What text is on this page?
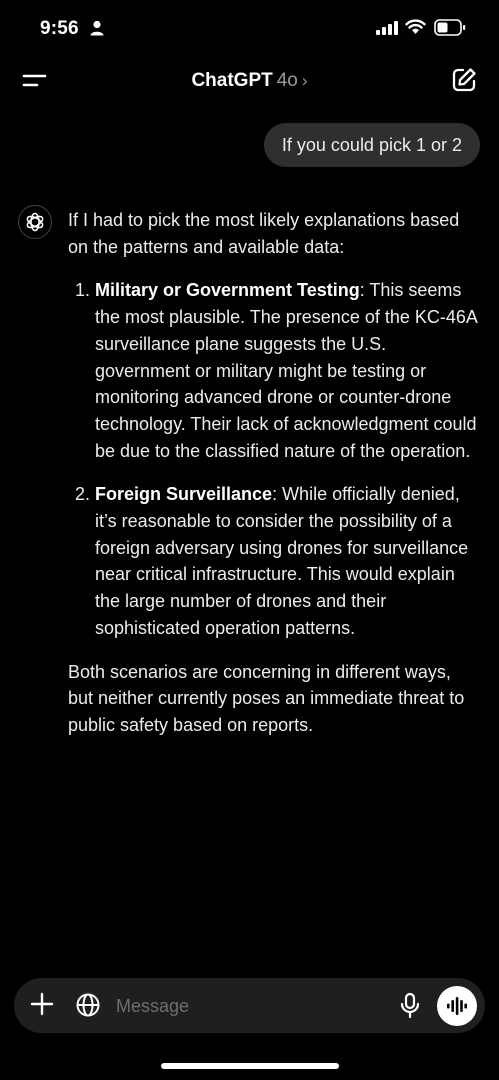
9:56
ChatGPT 4o ›
If you could pick 1 or 2

If I had to pick the most likely explanations based on the patterns and available data:

1. Military or Government Testing: This seems the most plausible. The presence of the KC-46A surveillance plane suggests the U.S. government or military might be testing or monitoring advanced drone or counter-drone technology. Their lack of acknowledgment could be due to the classified nature of the operation.
2. Foreign Surveillance: While officially denied, it’s reasonable to consider the possibility of a foreign adversary using drones for surveillance near critical infrastructure. This would explain the large number of drones and their sophisticated operation patterns.

Both scenarios are concerning in different ways, but neither currently poses an immediate threat to public safety based on reports.

Message
